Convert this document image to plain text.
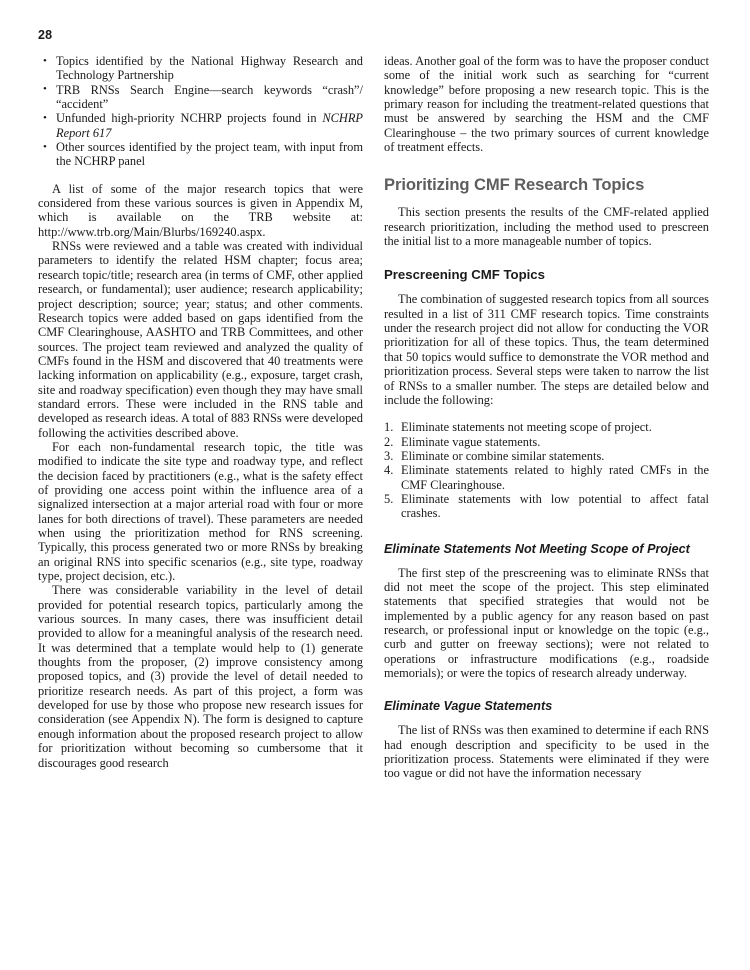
28
• Topics identified by the National Highway Research and Technology Partnership
• TRB RNSs Search Engine—search keywords “crash”/ “accident”
• Unfunded high-priority NCHRP projects found in NCHRP Report 617
• Other sources identified by the project team, with input from the NCHRP panel

A list of some of the major research topics that were considered from these various sources is given in Appendix M, which is available on the TRB website at: http://www.trb.org/Main/Blurbs/169240.aspx.

RNSs were reviewed and a table was created with individual parameters to identify the related HSM chapter; focus area; research topic/title; research area (in terms of CMF, other applied research, or fundamental); user audience; research applicability; project description; source; year; status; and other comments. Research topics were added based on gaps identified from the CMF Clearinghouse, AASHTO and TRB Committees, and other sources. The project team reviewed and analyzed the quality of CMFs found in the HSM and discovered that 40 treatments were lacking information on applicability (e.g., exposure, target crash, site and roadway specification) even though they may have small standard errors. These were included in the RNS table and developed as research ideas. A total of 883 RNSs were developed following the activities described above.

For each non-fundamental research topic, the title was modified to indicate the site type and roadway type, and reflect the decision faced by practitioners (e.g., what is the safety effect of providing one access point within the influence area of a signalized intersection at a major arterial road with four or more lanes for both directions of travel). These parameters are needed when using the prioritization method for RNS screening. Typically, this process generated two or more RNSs by breaking an original RNS into specific scenarios (e.g., site type, roadway type, project decision, etc.).

There was considerable variability in the level of detail provided for potential research topics, particularly among the various sources. In many cases, there was insufficient detail provided to allow for a meaningful analysis of the research need. It was determined that a template would help to (1) generate thoughts from the proposer, (2) improve consistency among proposed topics, and (3) provide the level of detail needed to prioritize research needs. As part of this project, a form was developed for use by those who propose new research issues for consideration (see Appendix N). The form is designed to capture enough information about the proposed research project to allow for prioritization without becoming so cumbersome that it discourages good research

ideas. Another goal of the form was to have the proposer conduct some of the initial work such as searching for “current knowledge” before proposing a new research topic. This is the primary reason for including the treatment-related questions that must be answered by searching the HSM and the CMF Clearinghouse – the two primary sources of current knowledge of treatment effects.

Prioritizing CMF Research Topics

This section presents the results of the CMF-related applied research prioritization, including the method used to prescreen the initial list to a more manageable number of topics.

Prescreening CMF Topics

The combination of suggested research topics from all sources resulted in a list of 311 CMF research topics. Time constraints under the research project did not allow for conducting the VOR prioritization for all of these topics. Thus, the team determined that 50 topics would suffice to demonstrate the VOR method and prioritization process. Several steps were taken to narrow the list of RNSs to a smaller number. The steps are detailed below and include the following:

Eliminate statements not meeting scope of project.
Eliminate vague statements.
Eliminate or combine similar statements.
Eliminate statements related to highly rated CMFs in the CMF Clearinghouse.
Eliminate statements with low potential to affect fatal crashes.
Eliminate Statements Not Meeting Scope of Project

The first step of the prescreening was to eliminate RNSs that did not meet the scope of the project. This step eliminated statements that specified strategies that would not be implemented by a public agency for any reason based on past research, or professional input or knowledge on the topic (e.g., curb and gutter on freeway sections); were not related to operations or infrastructure modifications (e.g., roadside memorials); or were the topics of research already underway.

Eliminate Vague Statements

The list of RNSs was then examined to determine if each RNS had enough description and specificity to be used in the prioritization process. Statements were eliminated if they were too vague or did not have the information necessary
